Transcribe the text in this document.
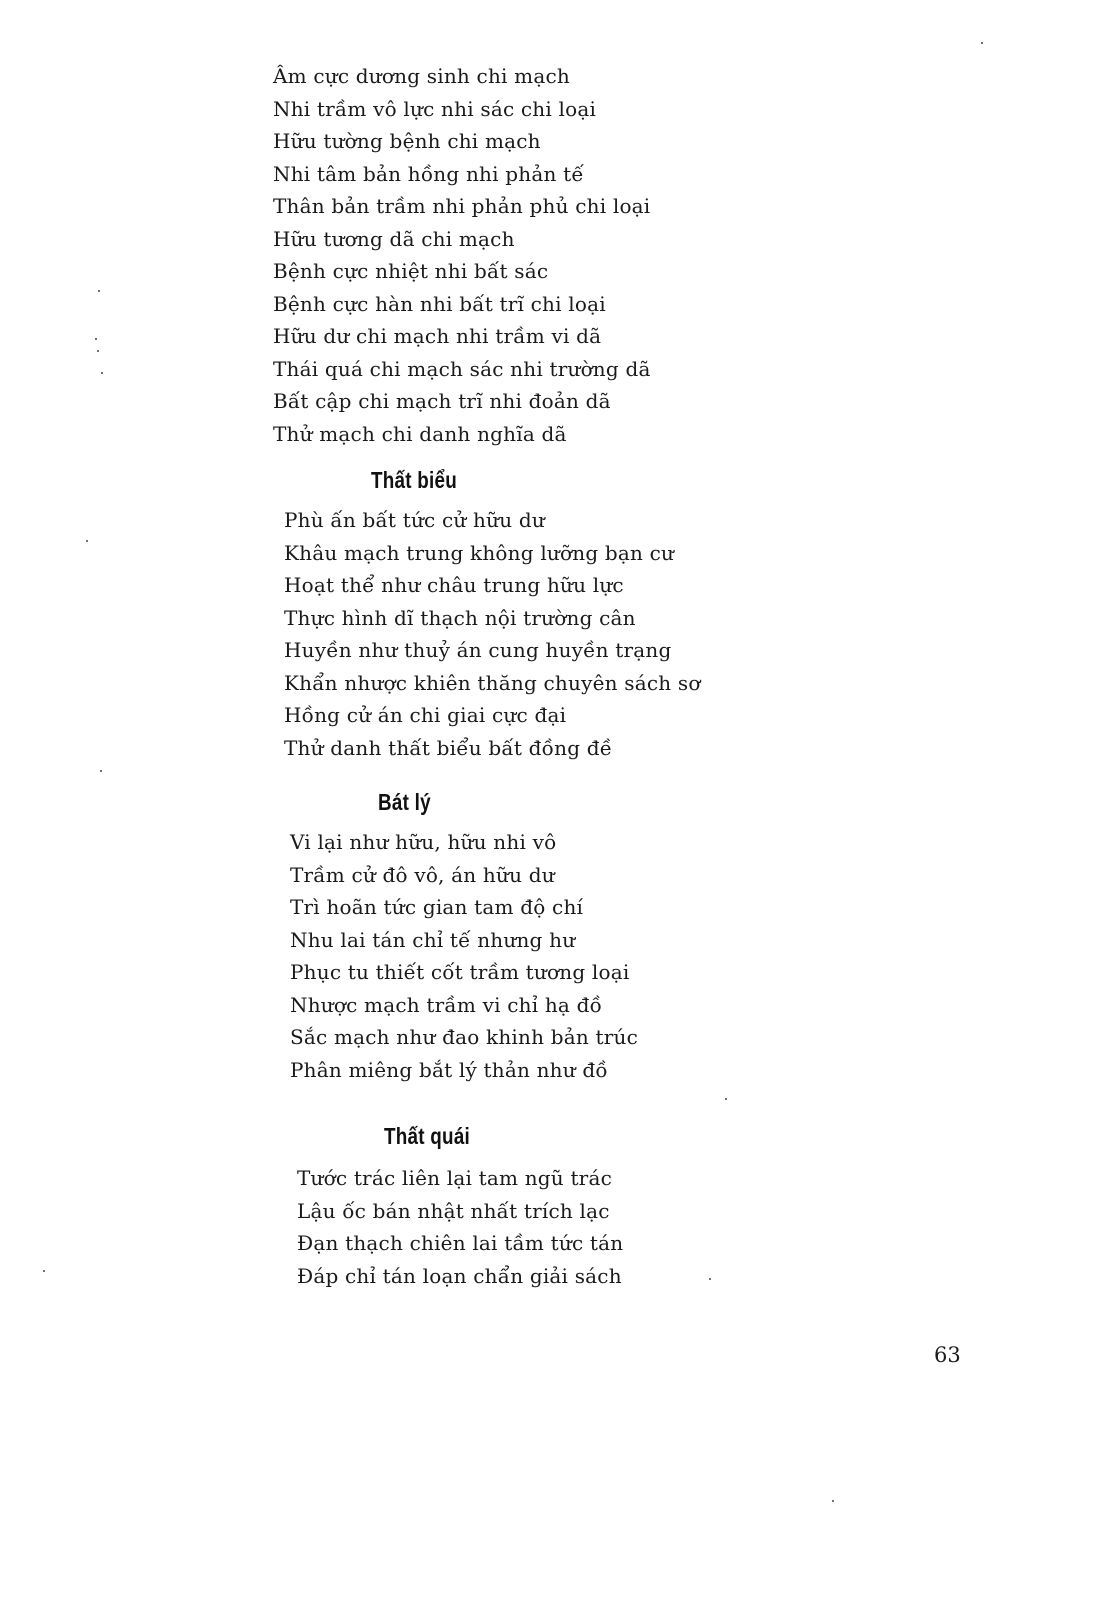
Âm cực dương sinh chi mạch
Nhi trầm vô lực nhi sác chi loại
Hữu tường bệnh chi mạch
Nhi tâm bản hồng nhi phản tế
Thân bản trầm nhi phản phủ chi loại
Hữu tương dã chi mạch
Bệnh cực nhiệt nhi bất sác
Bệnh cực hàn nhi bất trĩ chi loại
Hữu dư chi mạch nhi trầm vi dã
Thái quá chi mạch sác nhi trường dã
Bất cập chi mạch trĩ nhi đoản dã
Thử mạch chi danh nghĩa dã
Thất biểu
Phù ấn bất tức cử hữu dư
Khâu mạch trung không lưỡng bạn cư
Hoạt thể như châu trung hữu lực
Thực hình dĩ thạch nội trường cân
Huyền như thuỷ án cung huyền trạng
Khẩn nhược khiên thăng chuyên sách sơ
Hồng cử án chi giai cực đại
Thử danh thất biểu bất đồng đề
Bát lý
Vi lại như hữu, hữu nhi vô
Trầm cử đô vô, án hữu dư
Trì hoãn tức gian tam độ chí
Nhu lai tán chỉ tế nhưng hư
Phục tu thiết cốt trầm tương loại
Nhược mạch trầm vi chỉ hạ đồ
Sắc mạch như đao khinh bản trúc
Phân miêng bắt lý thản như đồ
Thất quái
Tước trác liên lại tam ngũ trác
Lậu ốc bán nhật nhất trích lạc
Đạn thạch chiên lai tầm tức tán
Đáp chỉ tán loạn chẩn giải sách
63
